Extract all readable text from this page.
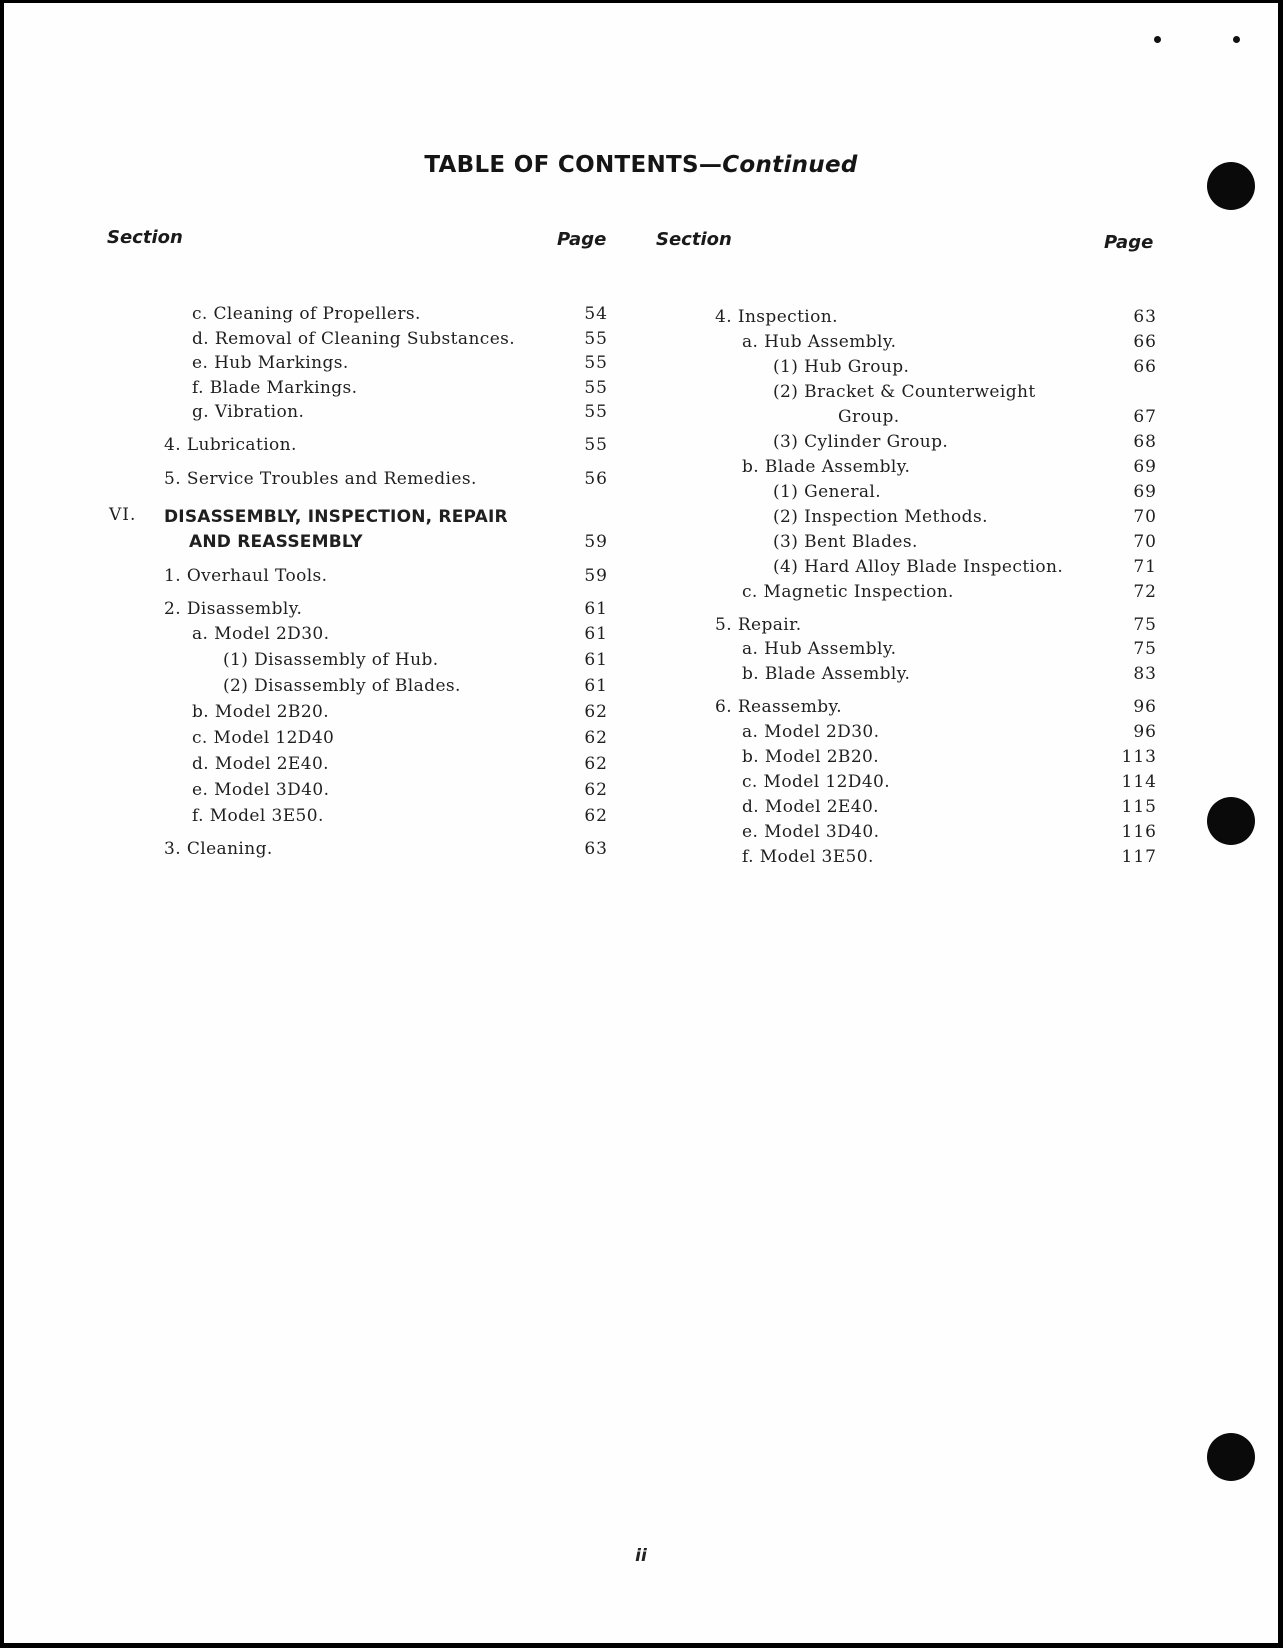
TABLE OF CONTENTS—Continued
Section	Page	Section	Page
c. Cleaning of Propellers.	54
d. Removal of Cleaning Substances.	55
e. Hub Markings.	55
f. Blade Markings.	55
g. Vibration.	55
4. Lubrication.	55
5. Service Troubles and Remedies.	56
VI. DISASSEMBLY, INSPECTION, REPAIR
AND REASSEMBLY	59
1. Overhaul Tools.	59
2. Disassembly.	61
a. Model 2D30.	61
(1) Disassembly of Hub.	61
(2) Disassembly of Blades.	61
b. Model 2B20.	62
c. Model 12D40	62
d. Model 2E40.	62
e. Model 3D40.	62
f. Model 3E50.	62
3. Cleaning.	63
4. Inspection.	63
a. Hub Assembly.	66
(1) Hub Group.	66
(2) Bracket & Counterweight
Group.	67
(3) Cylinder Group.	68
b. Blade Assembly.	69
(1) General.	69
(2) Inspection Methods.	70
(3) Bent Blades.	70
(4) Hard Alloy Blade Inspection.	71
c. Magnetic Inspection.	72
5. Repair.	75
a. Hub Assembly.	75
b. Blade Assembly.	83
6. Reassemby.	96
a. Model 2D30.	96
b. Model 2B20.	113
c. Model 12D40.	114
d. Model 2E40.	115
e. Model 3D40.	116
f. Model 3E50.	117
ii
